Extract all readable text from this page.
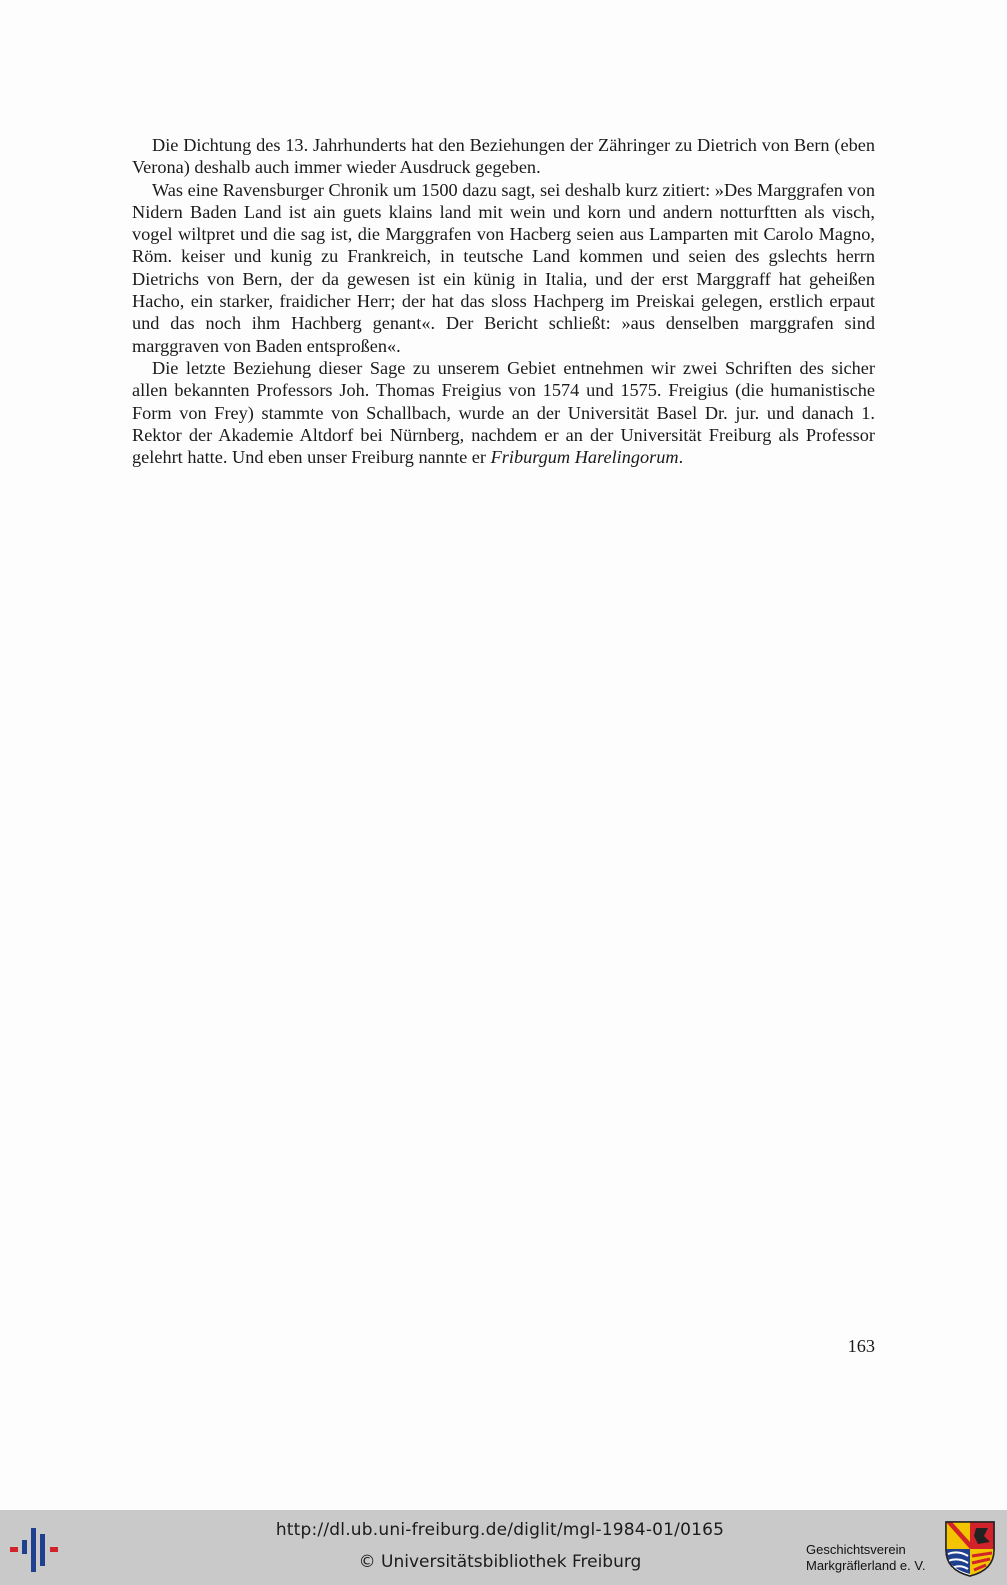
Die Dichtung des 13. Jahrhunderts hat den Beziehungen der Zähringer zu Dietrich von Bern (eben Verona) deshalb auch immer wieder Ausdruck gegeben.

Was eine Ravensburger Chronik um 1500 dazu sagt, sei deshalb kurz zitiert: »Des Marggrafen von Nidern Baden Land ist ain guets klains land mit wein und korn und andern notturftten als visch, vogel wiltpret und die sag ist, die Marggrafen von Hacberg seien aus Lamparten mit Carolo Magno, Röm. keiser und kunig zu Frankreich, in teutsche Land kommen und seien des gslechts herrn Dietrichs von Bern, der da gewesen ist ein künig in Italia, und der erst Marggraff hat geheißen Hacho, ein starker, fraidicher Herr; der hat das sloss Hachperg im Preiskai gelegen, erstlich erpaut und das noch ihm Hachberg genant«. Der Bericht schließt: »aus denselben marggrafen sind marggraven von Baden entsproßen«.

Die letzte Beziehung dieser Sage zu unserem Gebiet entnehmen wir zwei Schriften des sicher allen bekannten Professors Joh. Thomas Freigius von 1574 und 1575. Freigius (die humanistische Form von Frey) stammte von Schallbach, wurde an der Universität Basel Dr. jur. und danach 1. Rektor der Akademie Altdorf bei Nürnberg, nachdem er an der Universität Freiburg als Professor gelehrt hatte. Und eben unser Freiburg nannte er Friburgum Harelingorum.

163
http://dl.ub.uni-freiburg.de/diglit/mgl-1984-01/0165
© Universitätsbibliothek Freiburg
Geschichtsverein
Markgräflerland e. V.
